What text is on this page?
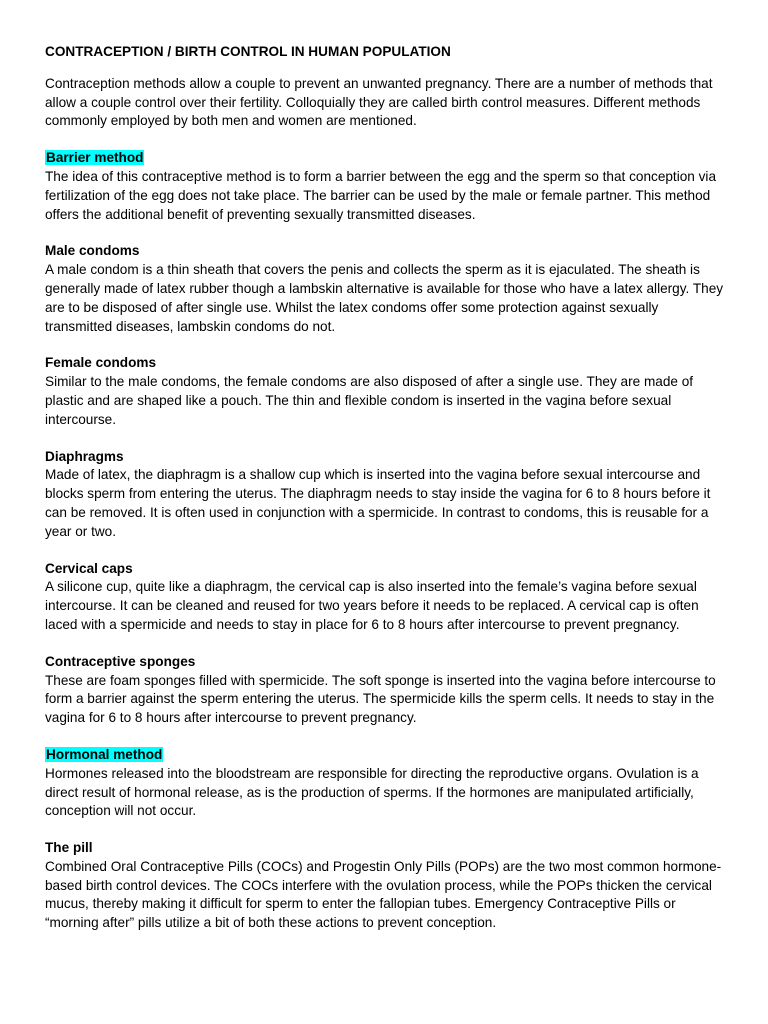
CONTRACEPTION / BIRTH CONTROL IN HUMAN POPULATION

Contraception methods allow a couple to prevent an unwanted pregnancy. There are a number of methods that allow a couple control over their fertility. Colloquially they are called birth control measures. Different methods commonly employed by both men and women are mentioned.

Barrier method

The idea of this contraceptive method is to form a barrier between the egg and the sperm so that conception via fertilization of the egg does not take place. The barrier can be used by the male or female partner. This method offers the additional benefit of preventing sexually transmitted diseases.

Male condoms

A male condom is a thin sheath that covers the penis and collects the sperm as it is ejaculated. The sheath is generally made of latex rubber though a lambskin alternative is available for those who have a latex allergy. They are to be disposed of after single use. Whilst the latex condoms offer some protection against sexually transmitted diseases, lambskin condoms do not.

Female condoms

Similar to the male condoms, the female condoms are also disposed of after a single use. They are made of plastic and are shaped like a pouch. The thin and flexible condom is inserted in the vagina before sexual intercourse.

Diaphragms

Made of latex, the diaphragm is a shallow cup which is inserted into the vagina before sexual intercourse and blocks sperm from entering the uterus. The diaphragm needs to stay inside the vagina for 6 to 8 hours before it can be removed. It is often used in conjunction with a spermicide. In contrast to condoms, this is reusable for a year or two.

Cervical caps

A silicone cup, quite like a diaphragm, the cervical cap is also inserted into the female’s vagina before sexual intercourse. It can be cleaned and reused for two years before it needs to be replaced. A cervical cap is often laced with a spermicide and needs to stay in place for 6 to 8 hours after intercourse to prevent pregnancy.

Contraceptive sponges

These are foam sponges filled with spermicide. The soft sponge is inserted into the vagina before intercourse to form a barrier against the sperm entering the uterus. The spermicide kills the sperm cells. It needs to stay in the vagina for 6 to 8 hours after intercourse to prevent pregnancy.

Hormonal method

Hormones released into the bloodstream are responsible for directing the reproductive organs. Ovulation is a direct result of hormonal release, as is the production of sperms. If the hormones are manipulated artificially, conception will not occur.

The pill

Combined Oral Contraceptive Pills (COCs) and Progestin Only Pills (POPs) are the two most common hormone-based birth control devices. The COCs interfere with the ovulation process, while the POPs thicken the cervical mucus, thereby making it difficult for sperm to enter the fallopian tubes. Emergency Contraceptive Pills or “morning after” pills utilize a bit of both these actions to prevent conception.
